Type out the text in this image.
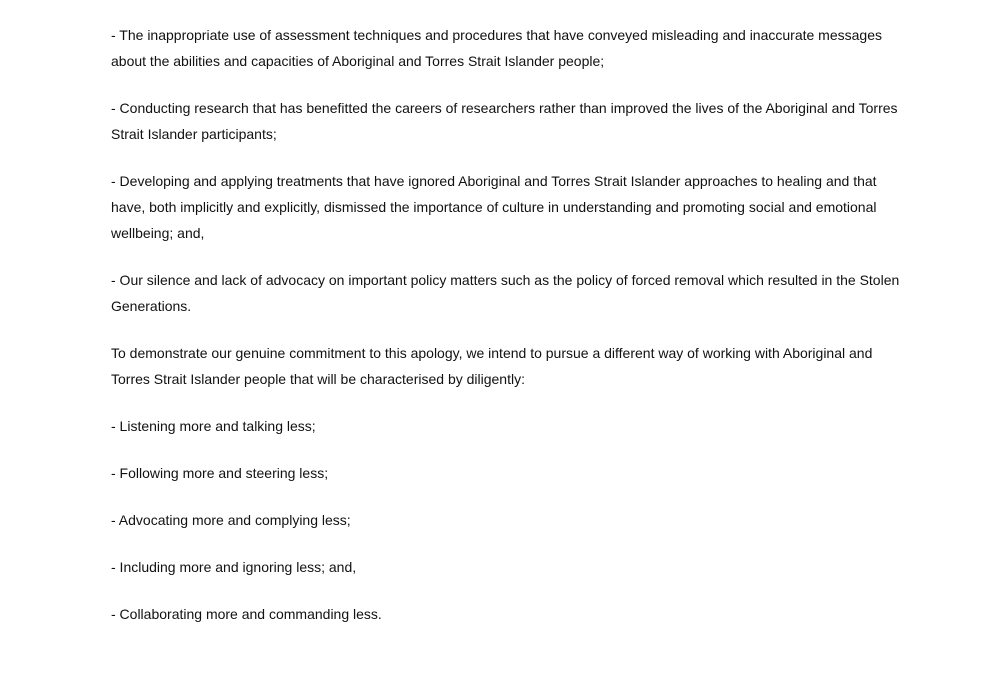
- The inappropriate use of assessment techniques and procedures that have conveyed misleading and inaccurate messages about the abilities and capacities of Aboriginal and Torres Strait Islander people;

- Conducting research that has benefitted the careers of researchers rather than improved the lives of the Aboriginal and Torres Strait Islander participants;

- Developing and applying treatments that have ignored Aboriginal and Torres Strait Islander approaches to healing and that have, both implicitly and explicitly, dismissed the importance of culture in understanding and promoting social and emotional wellbeing; and,

- Our silence and lack of advocacy on important policy matters such as the policy of forced removal which resulted in the Stolen Generations.

To demonstrate our genuine commitment to this apology, we intend to pursue a different way of working with Aboriginal and Torres Strait Islander people that will be characterised by diligently:

- Listening more and talking less;

- Following more and steering less;

- Advocating more and complying less;

- Including more and ignoring less; and,

- Collaborating more and commanding less.
